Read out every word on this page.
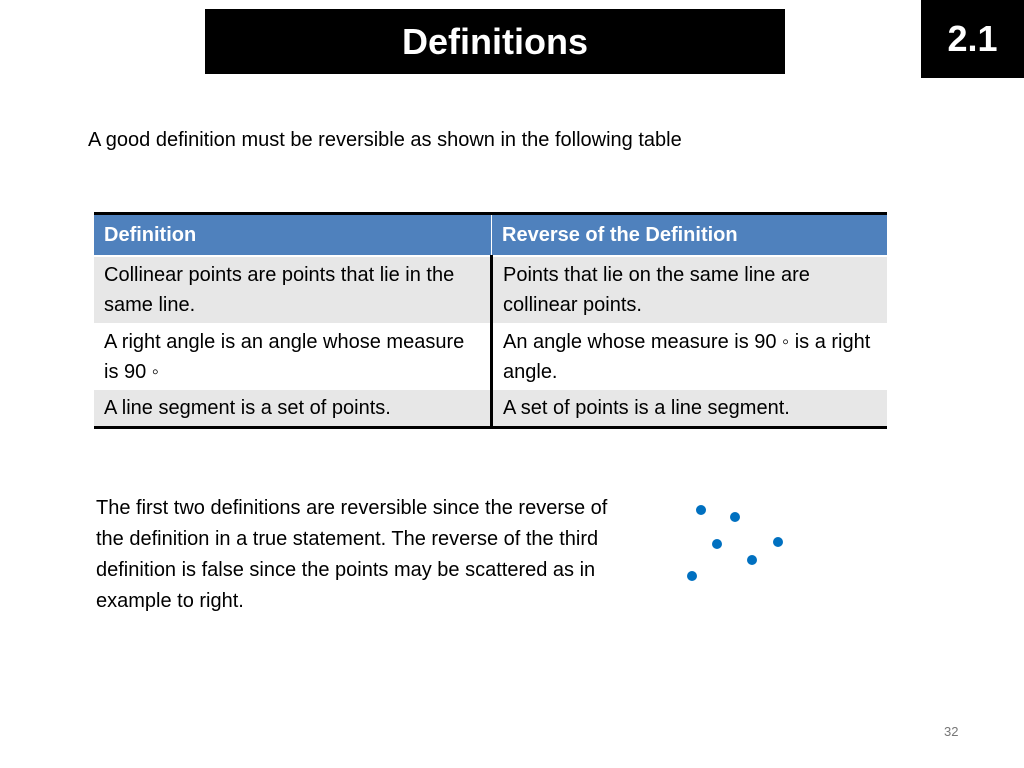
Definitions	2.1
A good definition must be reversible as shown in the following table
Definition	Reverse of the Definition
Collinear points are points that lie in the same line.	Points that lie on the same line are collinear points.
A right angle is an angle whose measure is 90 ◦	An angle whose measure is 90 ◦ is a right angle.
A line segment is a set of points.	A set of points is a line segment.
The first two definitions are reversible since the reverse of the definition in a true statement. The reverse of the third definition is false since the points may be scattered as in example to right.
32
